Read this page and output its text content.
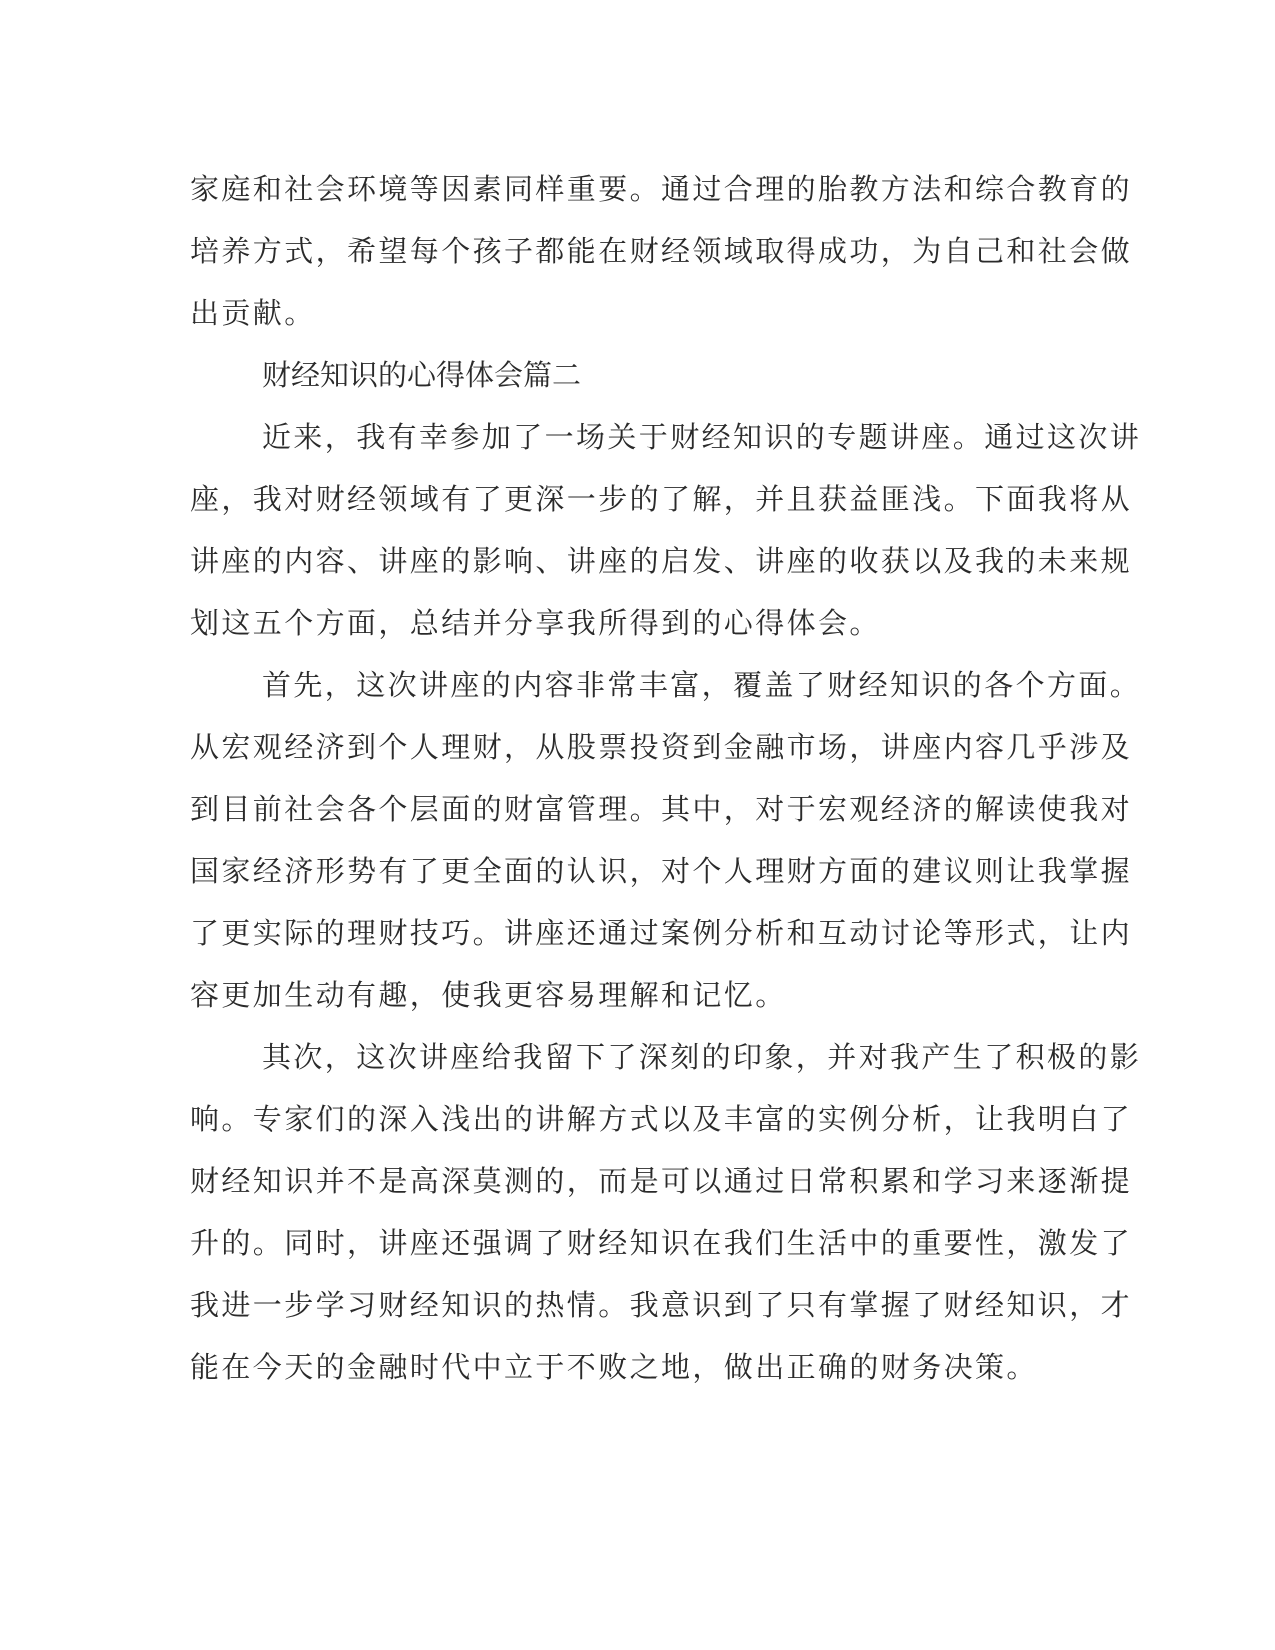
家庭和社会环境等因素同样重要。通过合理的胎教方法和综合教育的
培养方式，希望每个孩子都能在财经领域取得成功，为自己和社会做
出贡献。
财经知识的心得体会篇二
近来，我有幸参加了一场关于财经知识的专题讲座。通过这次讲
座，我对财经领域有了更深一步的了解，并且获益匪浅。下面我将从
讲座的内容、讲座的影响、讲座的启发、讲座的收获以及我的未来规
划这五个方面，总结并分享我所得到的心得体会。
首先，这次讲座的内容非常丰富，覆盖了财经知识的各个方面。
从宏观经济到个人理财，从股票投资到金融市场，讲座内容几乎涉及
到目前社会各个层面的财富管理。其中，对于宏观经济的解读使我对
国家经济形势有了更全面的认识，对个人理财方面的建议则让我掌握
了更实际的理财技巧。讲座还通过案例分析和互动讨论等形式，让内
容更加生动有趣，使我更容易理解和记忆。
其次，这次讲座给我留下了深刻的印象，并对我产生了积极的影
响。专家们的深入浅出的讲解方式以及丰富的实例分析，让我明白了
财经知识并不是高深莫测的，而是可以通过日常积累和学习来逐渐提
升的。同时，讲座还强调了财经知识在我们生活中的重要性，激发了
我进一步学习财经知识的热情。我意识到了只有掌握了财经知识，才
能在今天的金融时代中立于不败之地，做出正确的财务决策。
